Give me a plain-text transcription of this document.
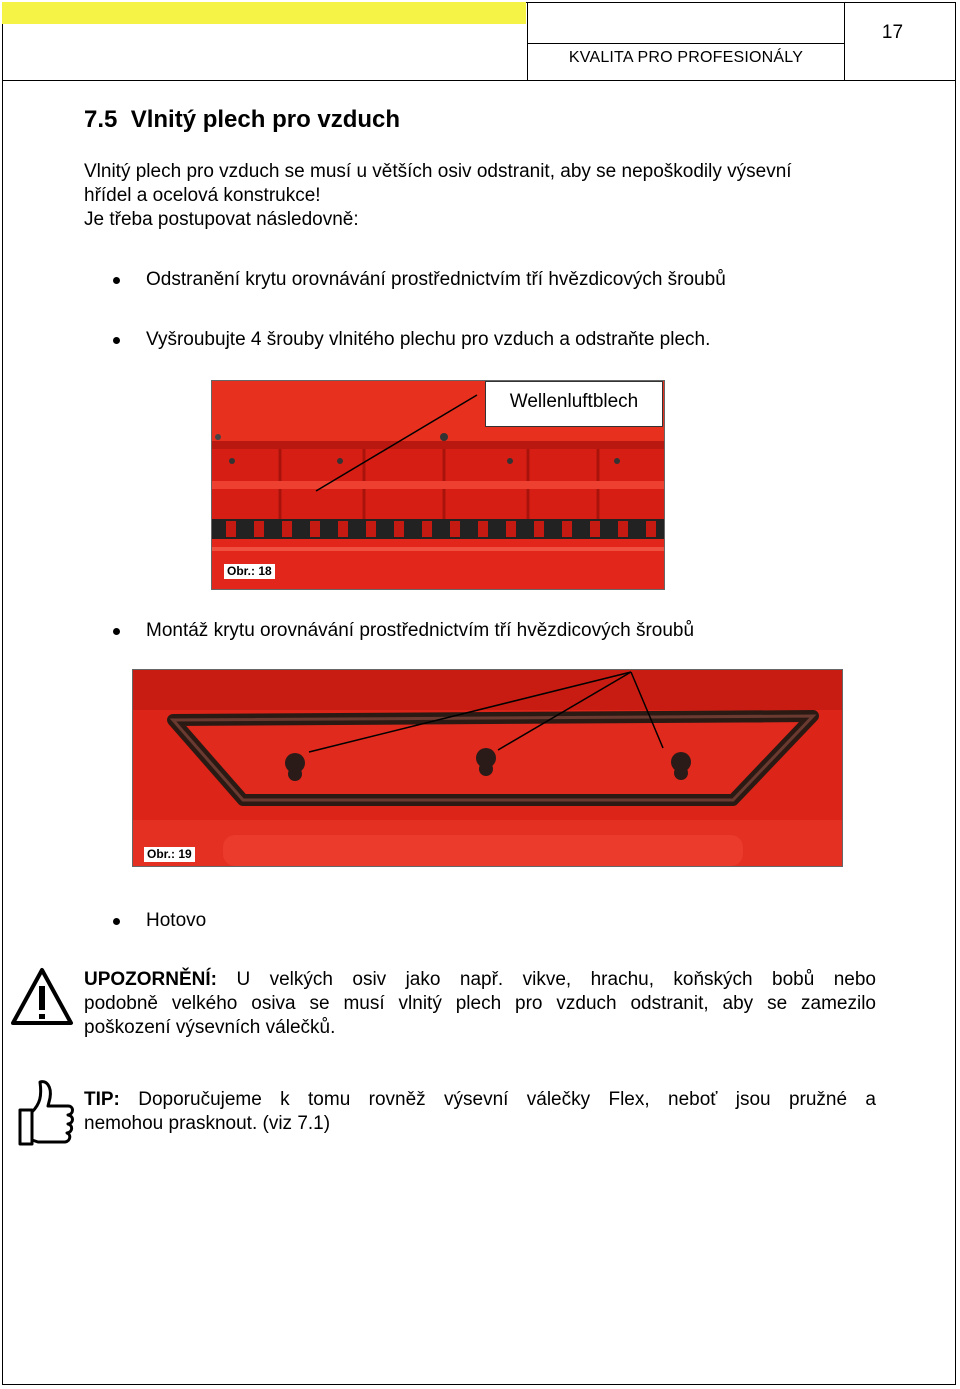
KVALITA PRO PROFESIONÁLY
17
7.5  Vlnitý plech pro vzduch
Vlnitý plech pro vzduch se musí u větších osiv odstranit, aby se nepoškodily výsevní
hřídel a ocelová konstrukce!
Je třeba postupovat následovně:
Odstranění krytu orovnávání prostřednictvím tří hvězdicových šroubů
Vyšroubujte 4 šrouby vlnitého plechu pro vzduch a odstraňte plech.
Wellenluftblech
Obr.: 18
Montáž krytu orovnávání prostřednictvím tří hvězdicových šroubů
Obr.: 19
Hotovo
UPOZORNĚNÍ: U velkých osiv jako např. vikve, hrachu, koňských bobů nebo
podobně velkého osiva se musí vlnitý plech pro vzduch odstranit, aby se zamezilo
poškození výsevních válečků.
TIP: Doporučujeme k tomu rovněž výsevní válečky Flex, neboť jsou pružné a
nemohou prasknout. (viz 7.1)
